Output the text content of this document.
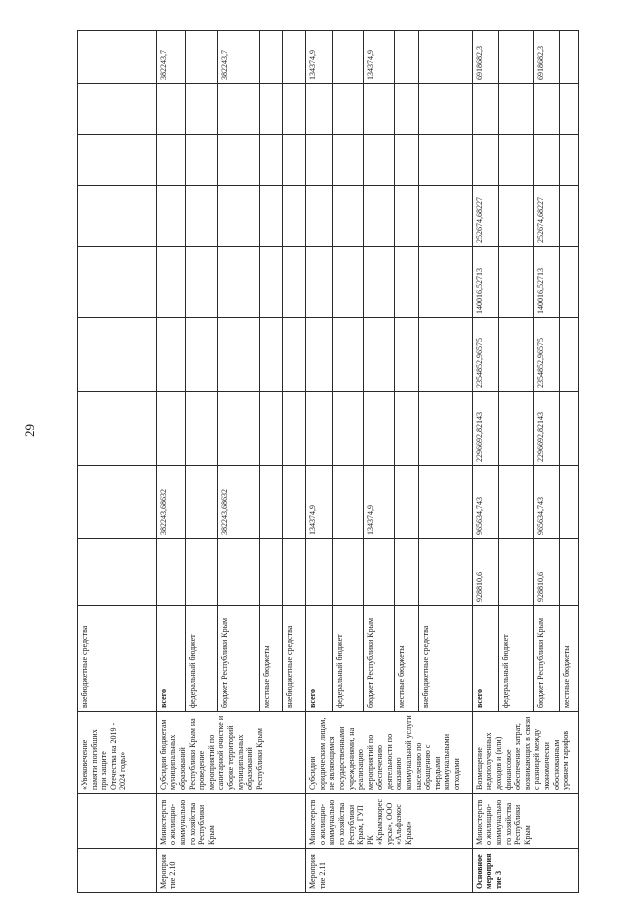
29
		«Увековечение памяти погибших при защите Отечества на 2019 - 2024 годы»	внебюджетные средства									
Мероприятие 2.10	Министерство жилищно-коммунального хозяйства Республики Крым	Субсидии бюджетам муниципальных образований Республики Крым на проведение мероприятий по санитарной очистке и уборке территорий муниципальных образований Республики Крым	всего		382243,68632							382243,7
			федеральный бюджет									
			бюджет Республики Крым		382243,68632							382243,7
			местные бюджеты									
			внебюджетные средства									
Мероприятие 2.11	Министерство жилищно-коммунального хозяйства Республики Крым, ГУП РК «Крымэкоресурсы», ООО «Альфаэкос Крым»	Субсидии юридическим лицам, не являющимся государственными учреждениями, на реализацию мероприятий по обеспечению деятельности по оказанию коммунальной услуги населению по обращению с твердыми коммунальными отходами	всего		134374,9							134374,9
			федеральный бюджет									
			бюджет Республики Крым		134374,9							134374,9
			местные бюджеты									
			внебюджетные средства									
Основное мероприятие 3	Министерство жилищно-коммунального хозяйства Республики Крым	Возмещение недополученных доходов и (или) финансовое обеспечение затрат, возникающих в связи с разницей между экономически обоснованным уровнем тарифов	всего	928810,6	965634,743	2296692,82143	2354852,96575	140016,52713	252674,68227			6918682,3
			федеральный бюджет									
			бюджет Республики Крым	928810,6	965634,743	2296692,82143	2354852,96575	140016,52713	252674,68227			6918682,3
			местные бюджеты									
